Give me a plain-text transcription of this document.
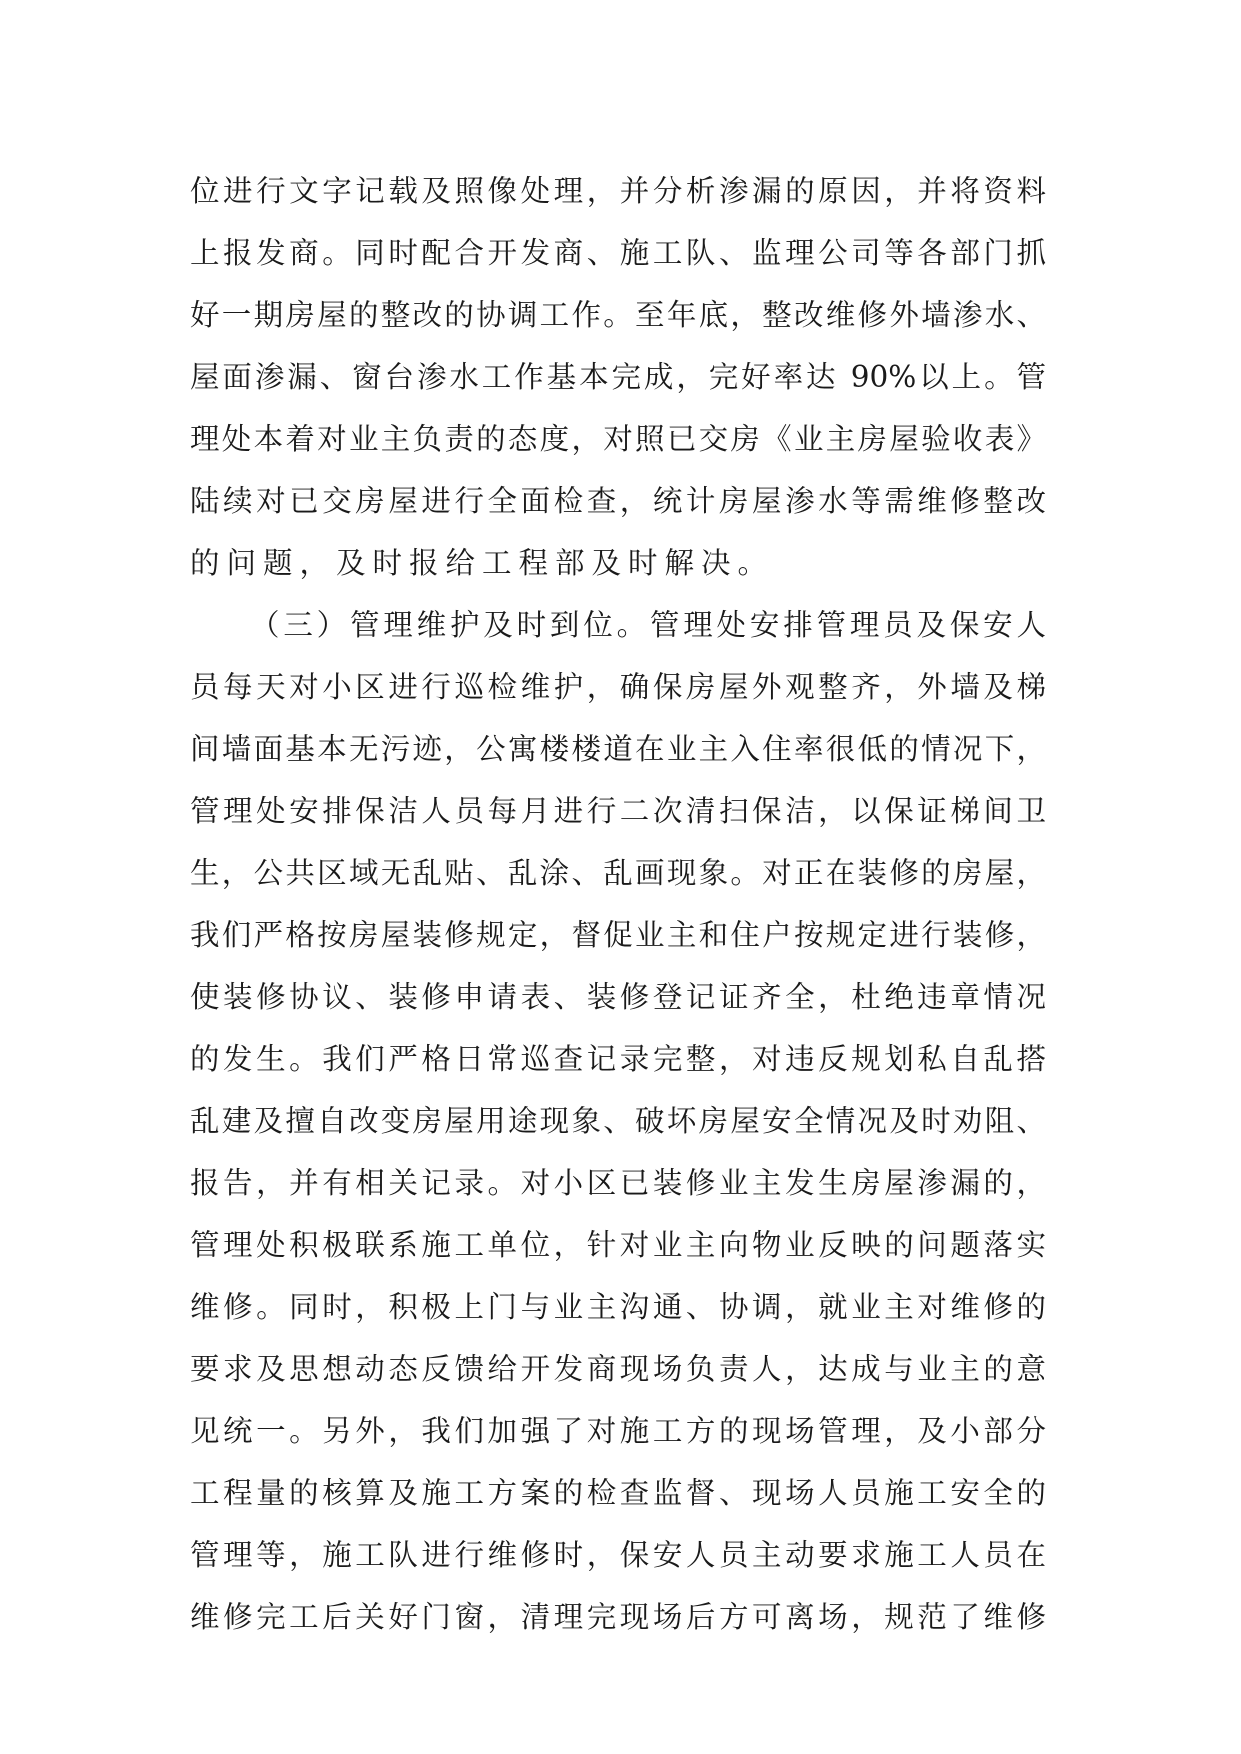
位进行文字记载及照像处理，并分析渗漏的原因，并将资料
上报发商。同时配合开发商、施工队、监理公司等各部门抓
好一期房屋的整改的协调工作。至年底，整改维修外墙渗水、
屋面渗漏、窗台渗水工作基本完成，完好率达 90%以上。管
理处本着对业主负责的态度，对照已交房《业主房屋验收表》
陆续对已交房屋进行全面检查，统计房屋渗水等需维修整改
的问题，及时报给工程部及时解决。
（三）管理维护及时到位。管理处安排管理员及保安人
员每天对小区进行巡检维护，确保房屋外观整齐，外墙及梯
间墙面基本无污迹，公寓楼楼道在业主入住率很低的情况下，
管理处安排保洁人员每月进行二次清扫保洁，以保证梯间卫
生，公共区域无乱贴、乱涂、乱画现象。对正在装修的房屋，
我们严格按房屋装修规定，督促业主和住户按规定进行装修，
使装修协议、装修申请表、装修登记证齐全，杜绝违章情况
的发生。我们严格日常巡查记录完整，对违反规划私自乱搭
乱建及擅自改变房屋用途现象、破坏房屋安全情况及时劝阻、
报告，并有相关记录。对小区已装修业主发生房屋渗漏的，
管理处积极联系施工单位，针对业主向物业反映的问题落实
维修。同时，积极上门与业主沟通、协调，就业主对维修的
要求及思想动态反馈给开发商现场负责人，达成与业主的意
见统一。另外，我们加强了对施工方的现场管理，及小部分
工程量的核算及施工方案的检查监督、现场人员施工安全的
管理等，施工队进行维修时，保安人员主动要求施工人员在
维修完工后关好门窗，清理完现场后方可离场，规范了维修
